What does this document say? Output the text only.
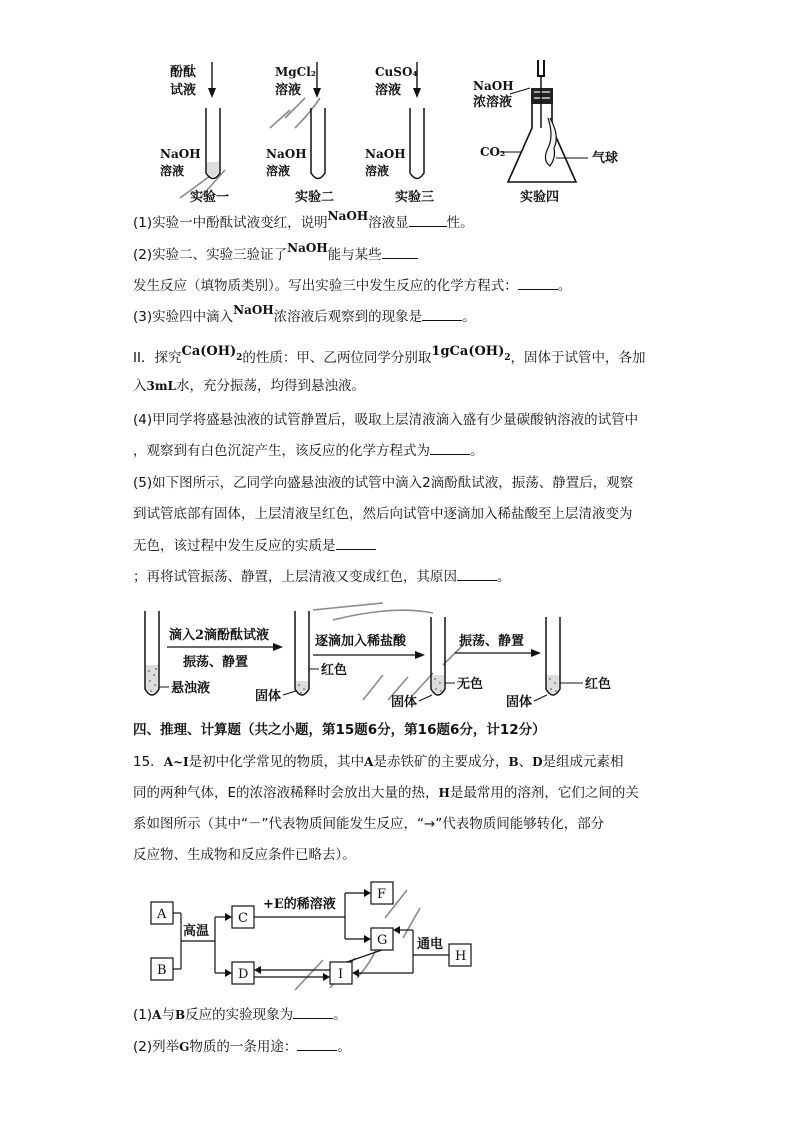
酚酞
试液
NaOH
溶液
实验一
MgCl₂
溶液
NaOH
溶液
实验二
CuSO₄
溶液
NaOH
溶液
实验三
NaOH
浓溶液
CO₂	气球
实验四
(1)实验一中酚酞试液变红，说明NaOH溶液显	性。
(2)实验二、实验三验证了NaOH能与某些
发生反应（填物质类别）。写出实验三中发生反应的化学方程式：	。
(3)实验四中滴入NaOH浓溶液后观察到的现象是	。
II．探究Ca(OH)2的性质：甲、乙两位同学分别取1gCa(OH)2，固体于试管中，各加
入3mL水，充分振荡，均得到悬浊液。
(4)甲同学将盛悬浊液的试管静置后，吸取上层清液滴入盛有少量碳酸钠溶液的试管中
，观察到有白色沉淀产生，该反应的化学方程式为	。
(5)如下图所示，乙同学向盛悬浊液的试管中滴入2滴酚酞试液，振荡、静置后，观察
到试管底部有固体，上层清液呈红色，然后向试管中逐滴加入稀盐酸至上层清液变为
无色，该过程中发生反应的实质是
；再将试管振荡、静置，上层清液又变成红色，其原因	。
悬浊液
滴入2滴酚酞试液
振荡、静置
红色
固体
逐滴加入稀盐酸
无色
固体
振荡、静置
红色
固体
四、推理、计算题（共之小题，第15题6分，第16题6分，计12分）
15．A~I是初中化学常见的物质，其中A是赤铁矿的主要成分，B、D是组成元素相
同的两种气体，E的浓溶液稀释时会放出大量的热，H是最常用的溶剂，它们之间的关
系如图所示（其中“－”代表物质间能发生反应，“→”代表物质间能够转化，部分
反应物、生成物和反应条件已略去）。
A
B
C
D
F
G
I
H
高温
+E的稀溶液
通电
(1)A与B反应的实验现象为	。
(2)列举G物质的一条用途：	。
